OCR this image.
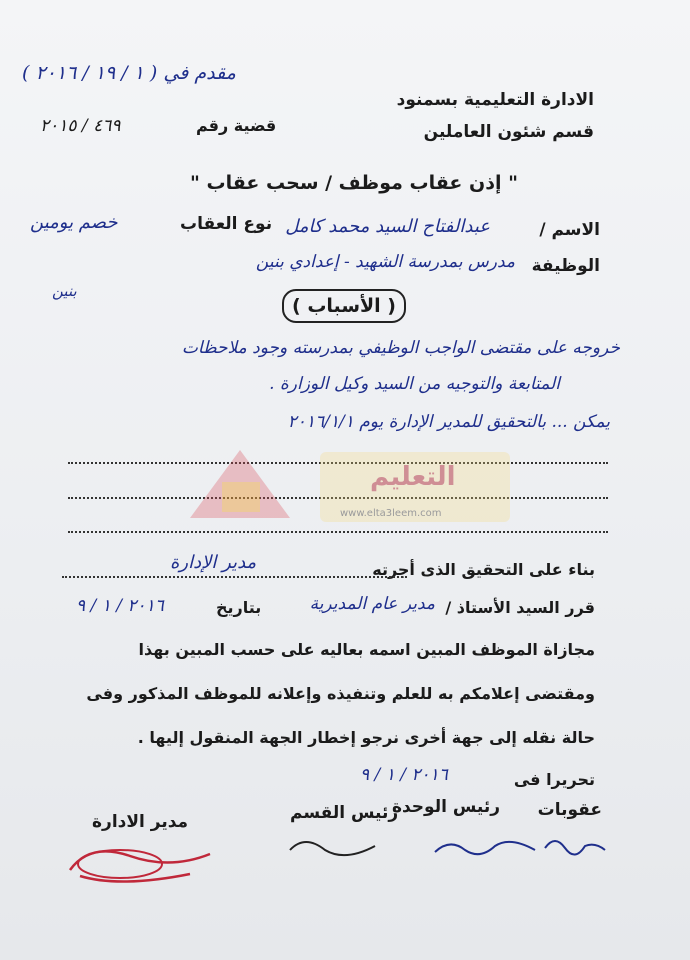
الادارة التعليمية بسمنود
قسم شئون العاملين
مقدم في ( ١ / ١٩ / ٢٠١٦ )
قضية رقم
٤٦٩ / ٢٠١٥
" إذن عقاب موظف / سحب عقاب "
الاسم /
عبدالفتاح السيد محمد كامل
نوع العقاب
خصم يومين
الوظيفة
مدرس بمدرسة الشهيد - إعدادي بنين
بنين
( الأسباب )
خروجه على مقتضى الواجب الوظيفي بمدرسته وجود ملاحظات
المتابعة والتوجيه من السيد وكيل الوزارة .
يمكن ... بالتحقيق للمدير الإدارة يوم ٢٠١٦/١/١
التعليم
www.elta3leem.com
بناء على التحقيق الذى أجرته
مدير الإدارة
قرر السيد الأستاذ /
مدير عام المديرية
بتاريخ
٢٠١٦ / ١ / ٩
مجازاة الموظف المبين اسمه بعاليه على حسب المبين بهذا
ومقتضى إعلامكم به للعلم وتنفيذه وإعلانه للموظف المذكور وفى
حالة نقله إلى جهة أخرى نرجو إخطار الجهة المنقول إليها .
تحريرا فى
٢٠١٦ / ١ / ٩
عقوبات
رئيس الوحدة
رئيس القسم
مدير الادارة
